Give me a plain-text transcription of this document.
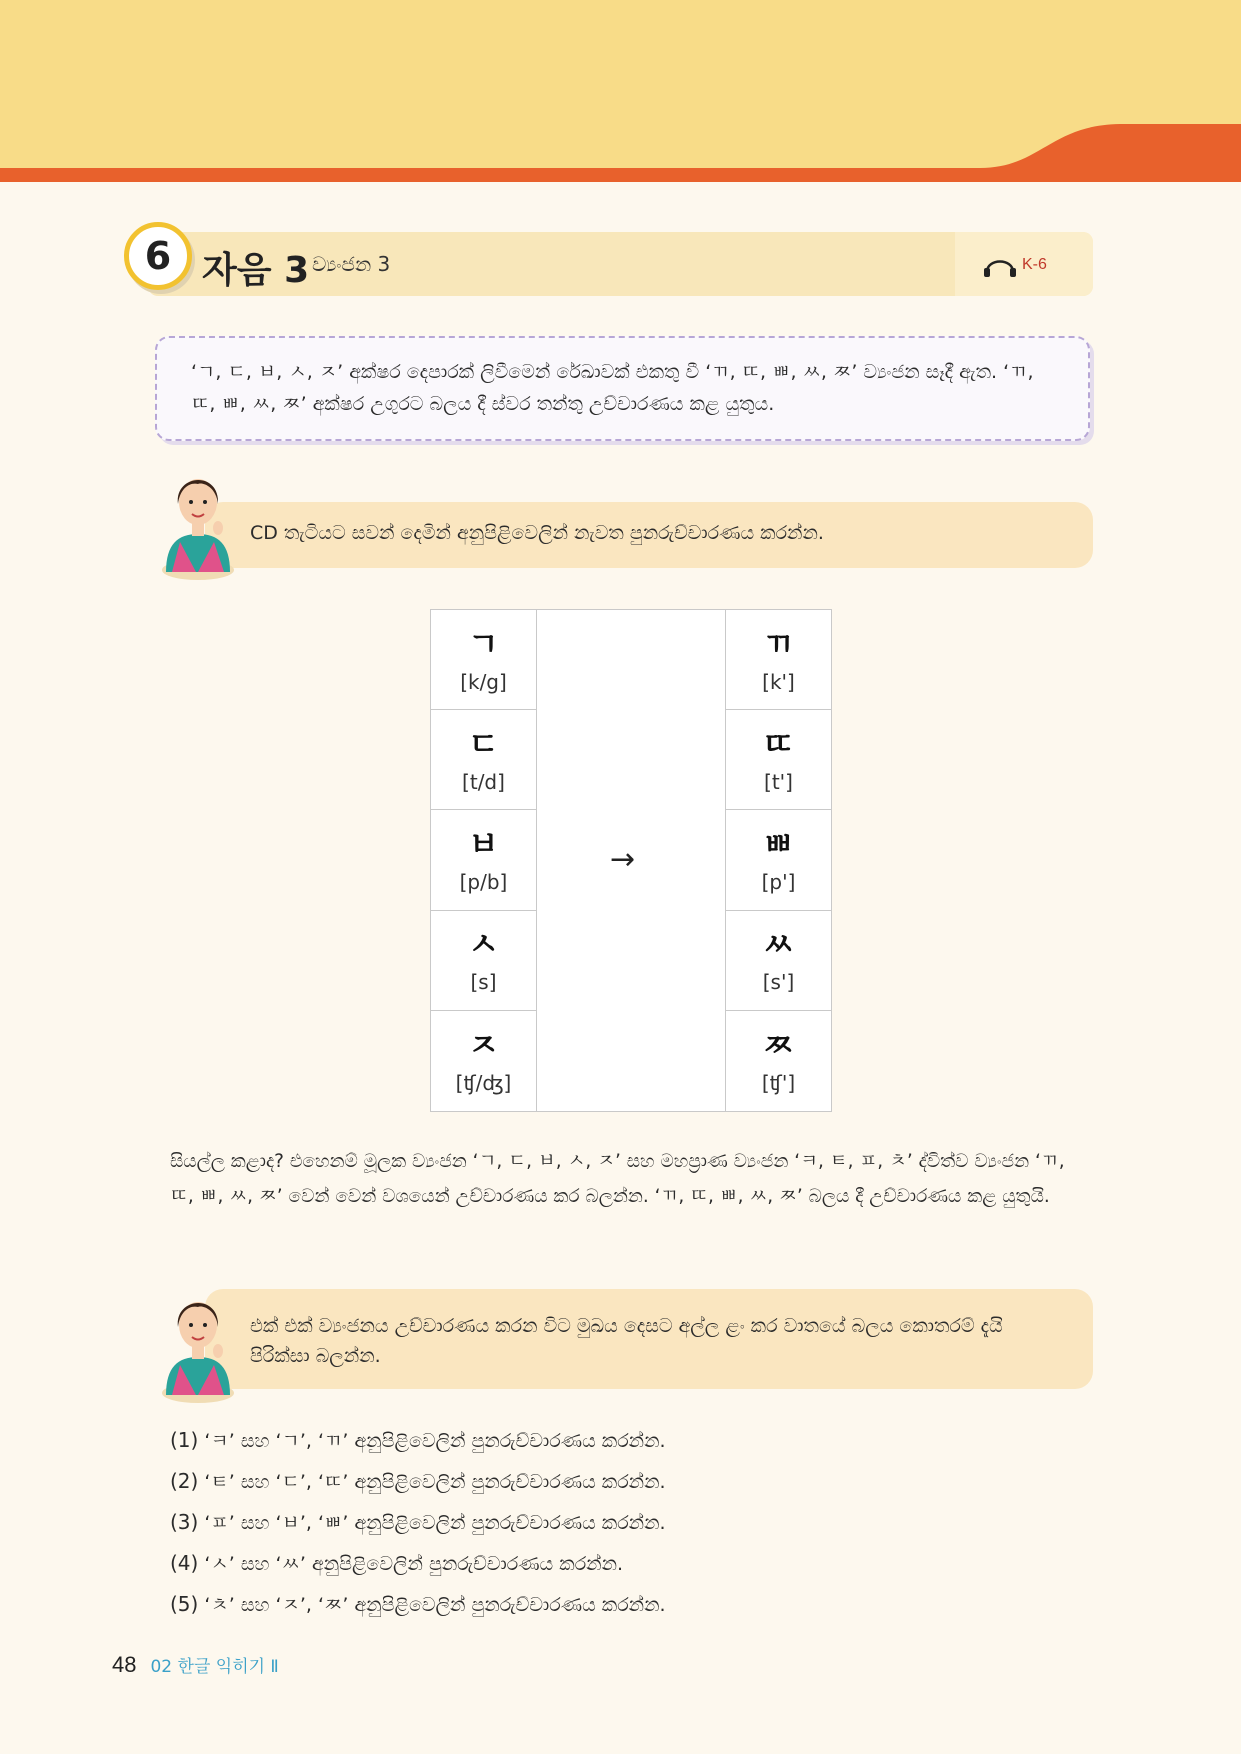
6 자음 3 ව්‍යංජන 3	K-6
‘ㄱ, ㄷ, ㅂ, ㅅ, ㅈ’ අක්ෂර දෙපාරක් ලිවීමෙන් රේඛාවක් එකතු වී ‘ㄲ, ㄸ, ㅃ, ㅆ, ㅉ’ ව්‍යංජන සෑදී ඇත. ‘ㄲ, ㄸ, ㅃ, ㅆ, ㅉ’ අක්ෂර උගුරට බලය දී ස්වර තන්තු උච්චාරණය කළ යුතුය.
CD තැටියට සවන් දෙමින් අනුපිළිවෙලින් නැවත පුනරුච්චාරණය කරන්න.
ㄱ
[k/g]
ㄷ
[t/d]
ㅂ
[p/b]
ㅅ
[s]
ㅈ
[ʧ/ʤ]
ㄲ
[k']
ㄸ
[t']
ㅃ
[p']
ㅆ
[s']
ㅉ
[ʧ']
→
සියල්ල කළාද? එහෙනම් මූලක ව්‍යංජන ‘ㄱ, ㄷ, ㅂ, ㅅ, ㅈ’ සහ මහප්‍රාණ ව්‍යංජන ‘ㅋ, ㅌ, ㅍ, ㅊ’ ද්විත්ව ව්‍යංජන ‘ㄲ, ㄸ, ㅃ, ㅆ, ㅉ’ වෙන් වෙන් වශයෙන් උච්චාරණය කර බලන්න. ‘ㄲ, ㄸ, ㅃ, ㅆ, ㅉ’ බලය දී උච්චාරණය කළ යුතුයි.
එක් එක් ව්‍යංජනය උච්චාරණය කරන විට මුඛය දෙසට අල්ල ළං කර වාතයේ බලය කොතරම් දැයි පිරික්සා බලන්න.
(1) ‘ㅋ’ සහ ‘ㄱ’, ‘ㄲ’ අනුපිළිවෙලින් පුනරුච්චාරණය කරන්න.
(2) ‘ㅌ’ සහ ‘ㄷ’, ‘ㄸ’ අනුපිළිවෙලින් පුනරුච්චාරණය කරන්න.
(3) ‘ㅍ’ සහ ‘ㅂ’, ‘ㅃ’ අනුපිළිවෙලින් පුනරුච්චාරණය කරන්න.
(4) ‘ㅅ’ සහ ‘ㅆ’ අනුපිළිවෙලින් පුනරුච්චාරණය කරන්න.
(5) ‘ㅊ’ සහ ‘ㅈ’, ‘ㅉ’ අනුපිළිවෙලින් පුනරුච්චාරණය කරන්න.
48 02 한글 익히기 Ⅱ
